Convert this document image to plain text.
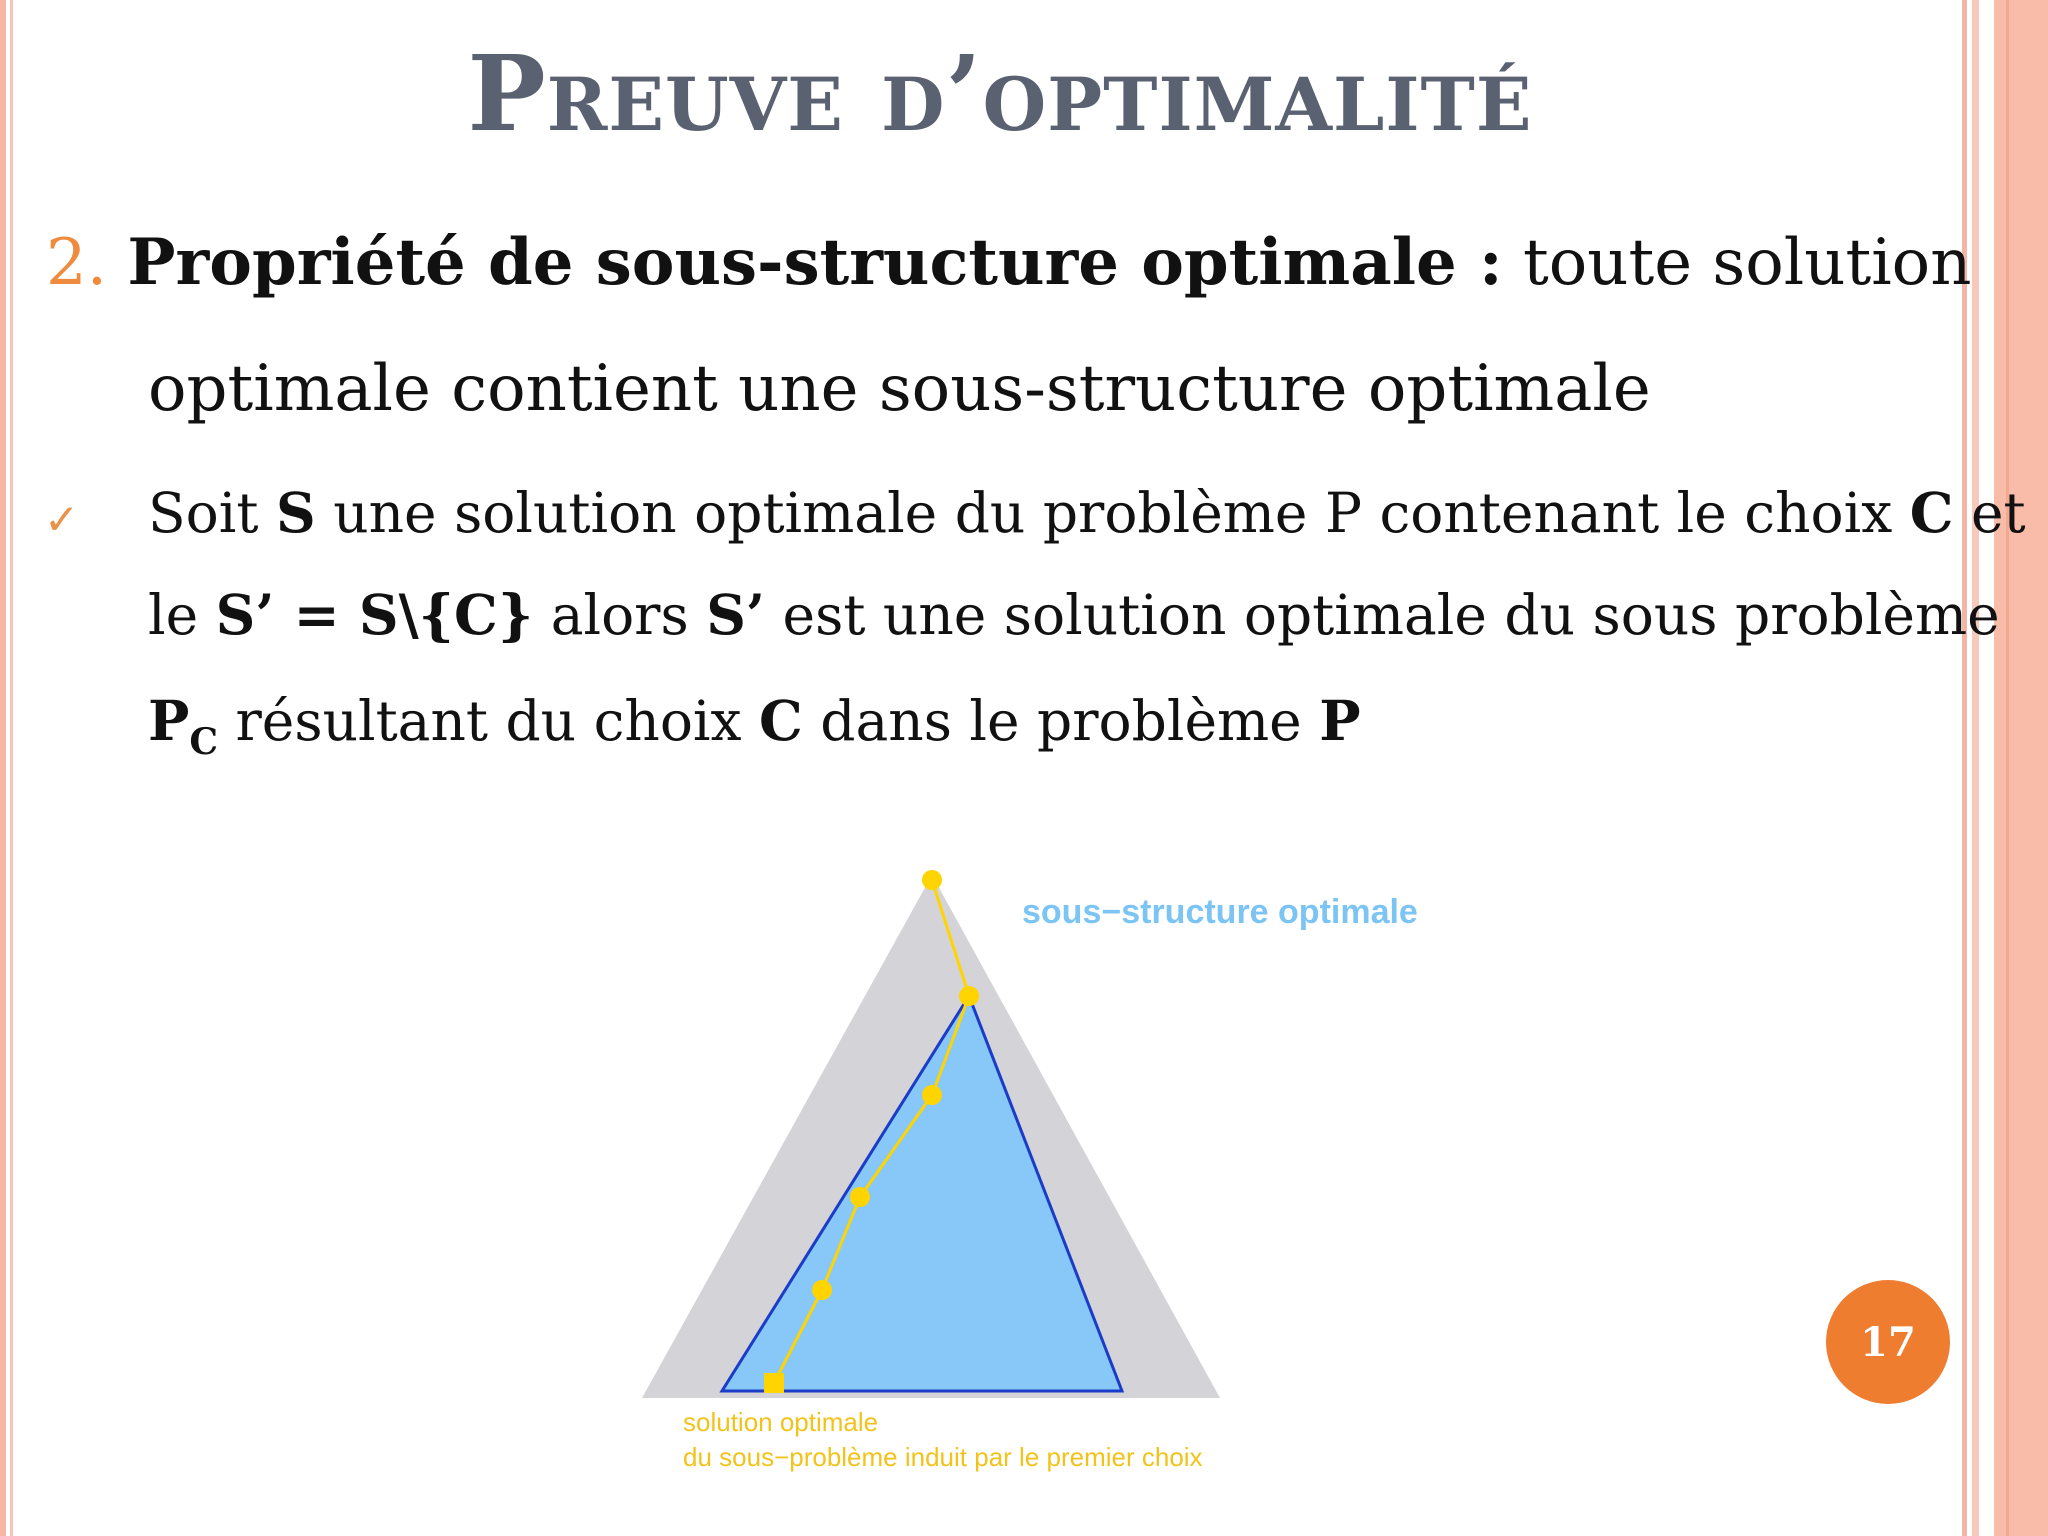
Preuve d’optimalité
2. Propriété de sous-structure optimale : toute solution
optimale contient une sous-structure optimale
✓ Soit S une solution optimale du problème P contenant le choix C et
le S’ = S\{C} alors S’ est une solution optimale du sous problème
$P_C$ résultant du choix C dans le problème P
sous−structure optimale
solution optimale
du sous−problème induit par le premier choix
17
